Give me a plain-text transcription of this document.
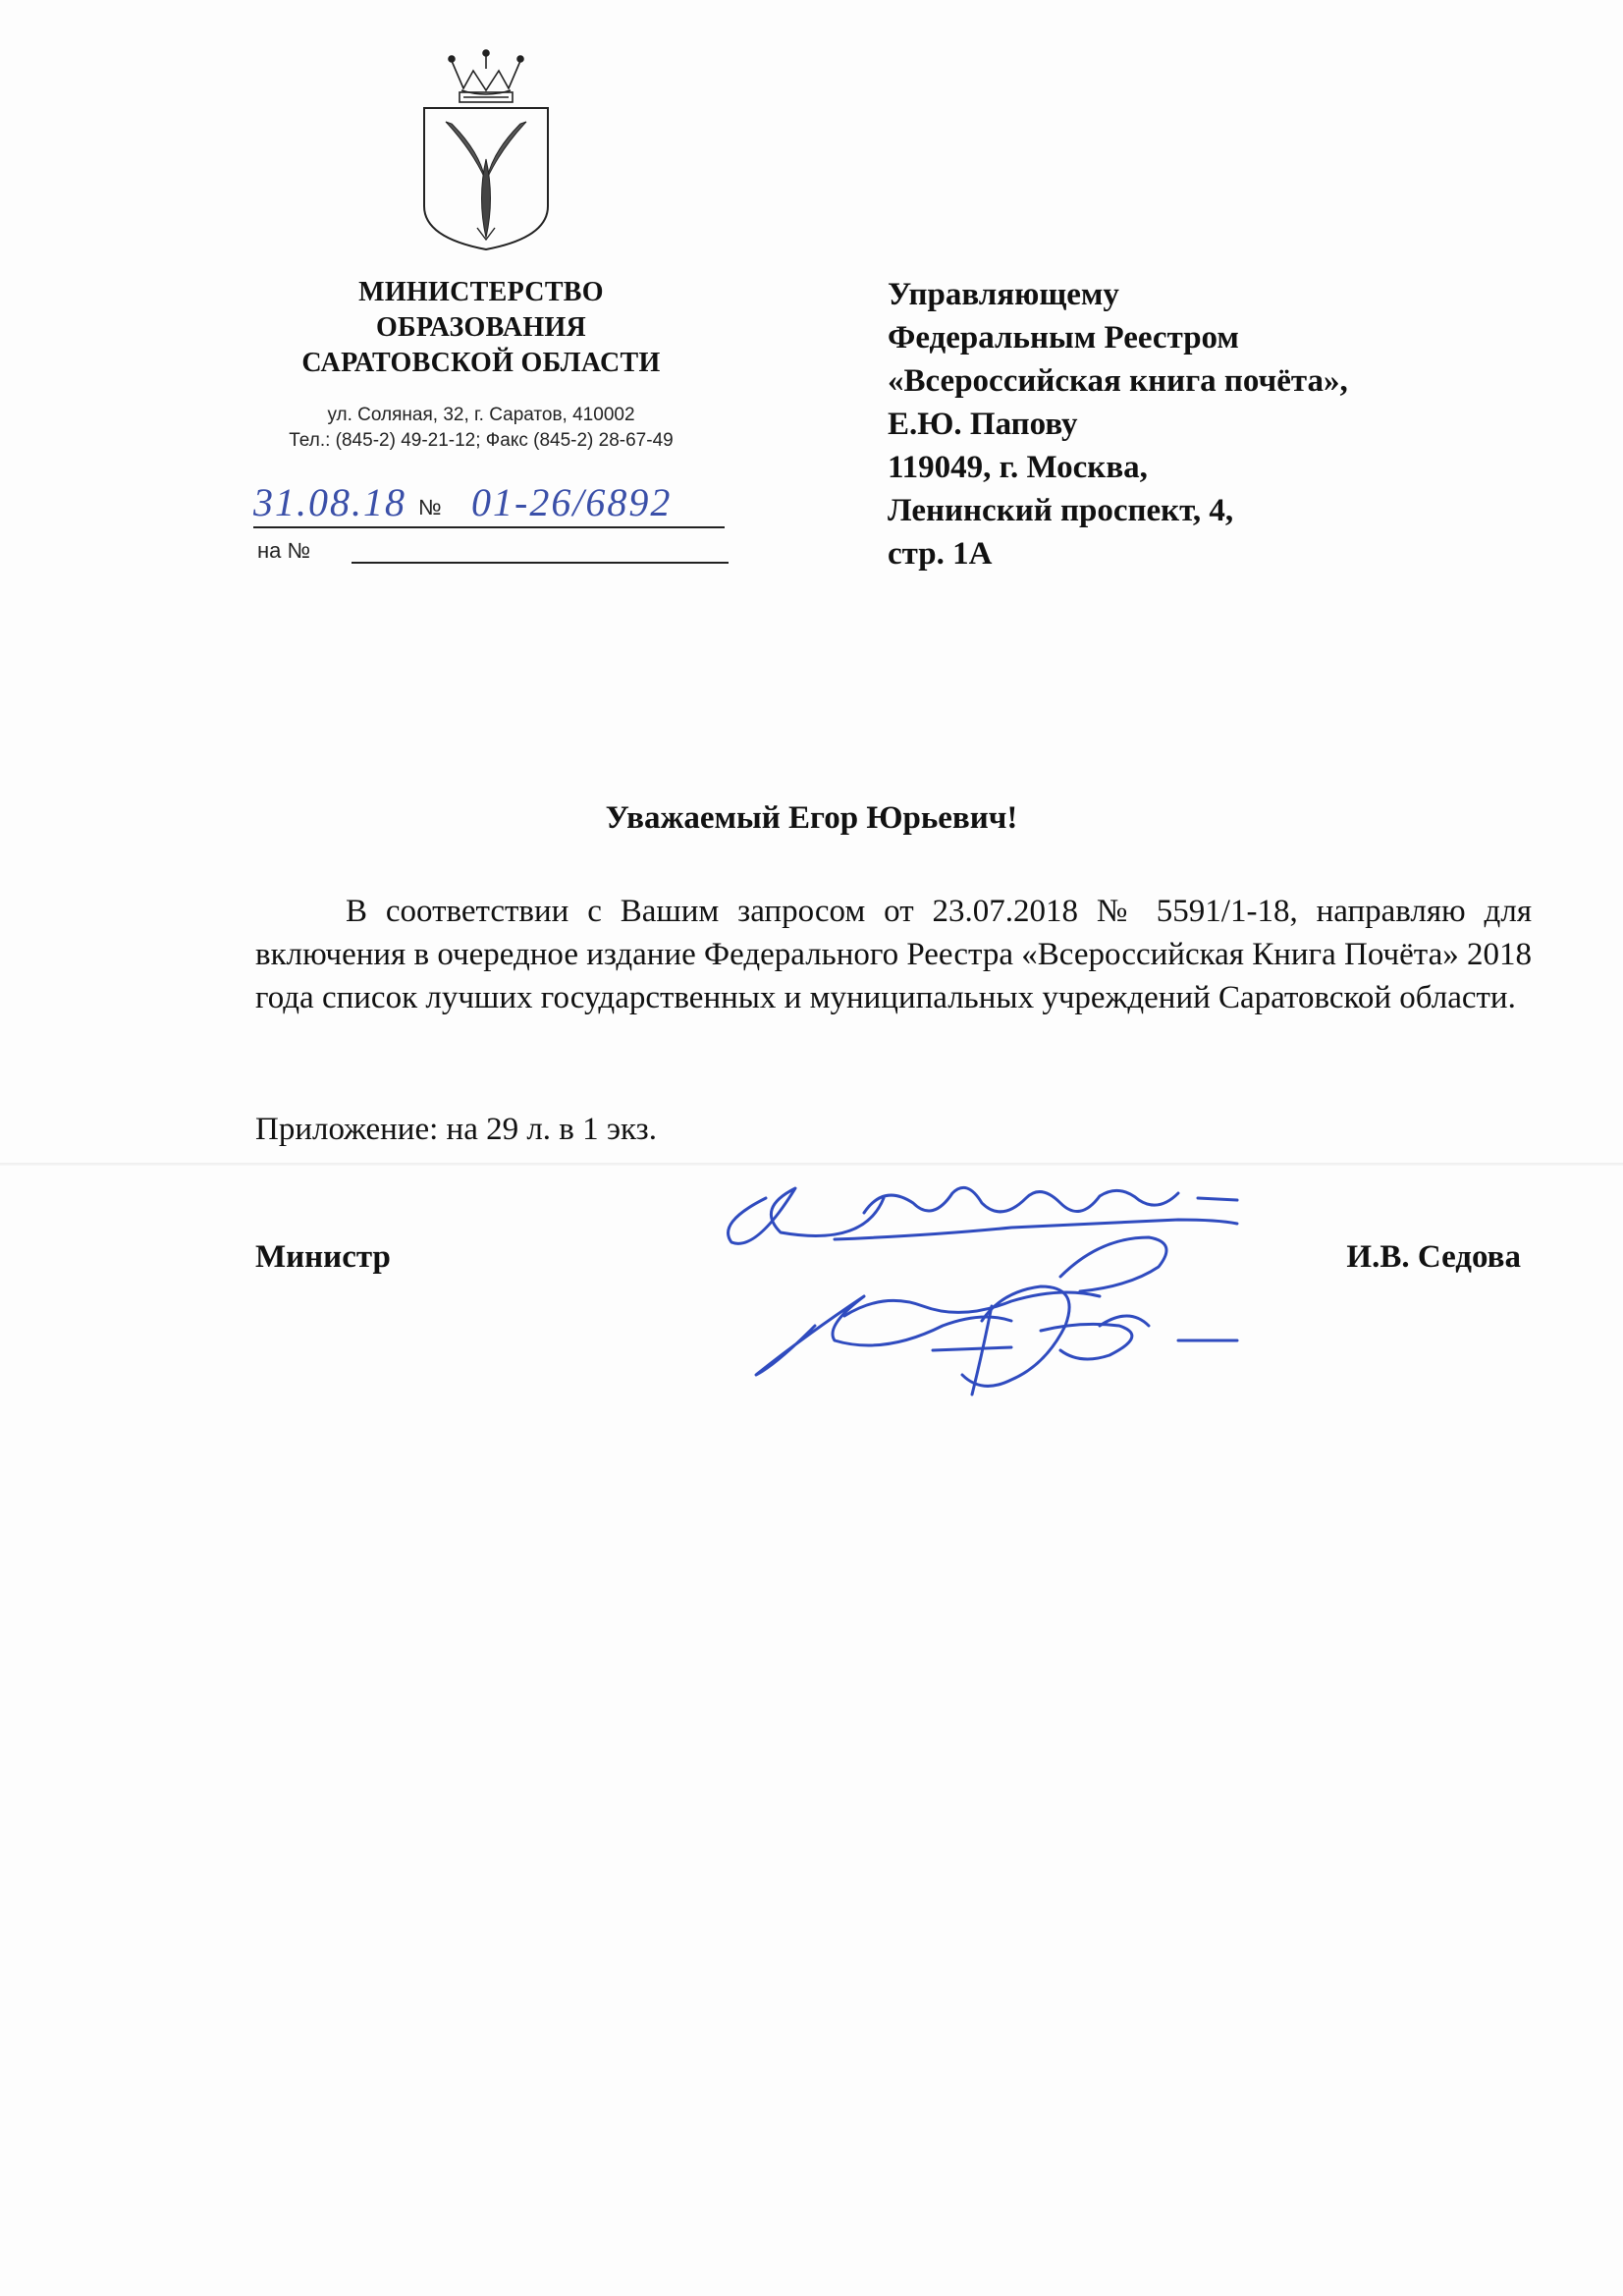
МИНИСТЕРСТВО
ОБРАЗОВАНИЯ
САРАТОВСКОЙ ОБЛАСТИ
ул. Соляная, 32, г. Саратов, 410002
Тел.: (845-2) 49-21-12; Факс (845-2) 28-67-49
31.08.18 № 01-26/6892
на №
Управляющему
Федеральным Реестром
«Всероссийская книга почёта»,
Е.Ю. Папову
119049, г. Москва,
Ленинский проспект, 4,
стр. 1А
Уважаемый Егор Юрьевич!
В соответствии с Вашим запросом от 23.07.2018 № 5591/1-18, направляю для включения в очередное издание Федерального Реестра «Всероссийская Книга Почёта» 2018 года список лучших государственных и муниципальных учреждений Саратовской области.
Приложение: на 29 л. в 1 экз.
Министр	И.В. Седова
